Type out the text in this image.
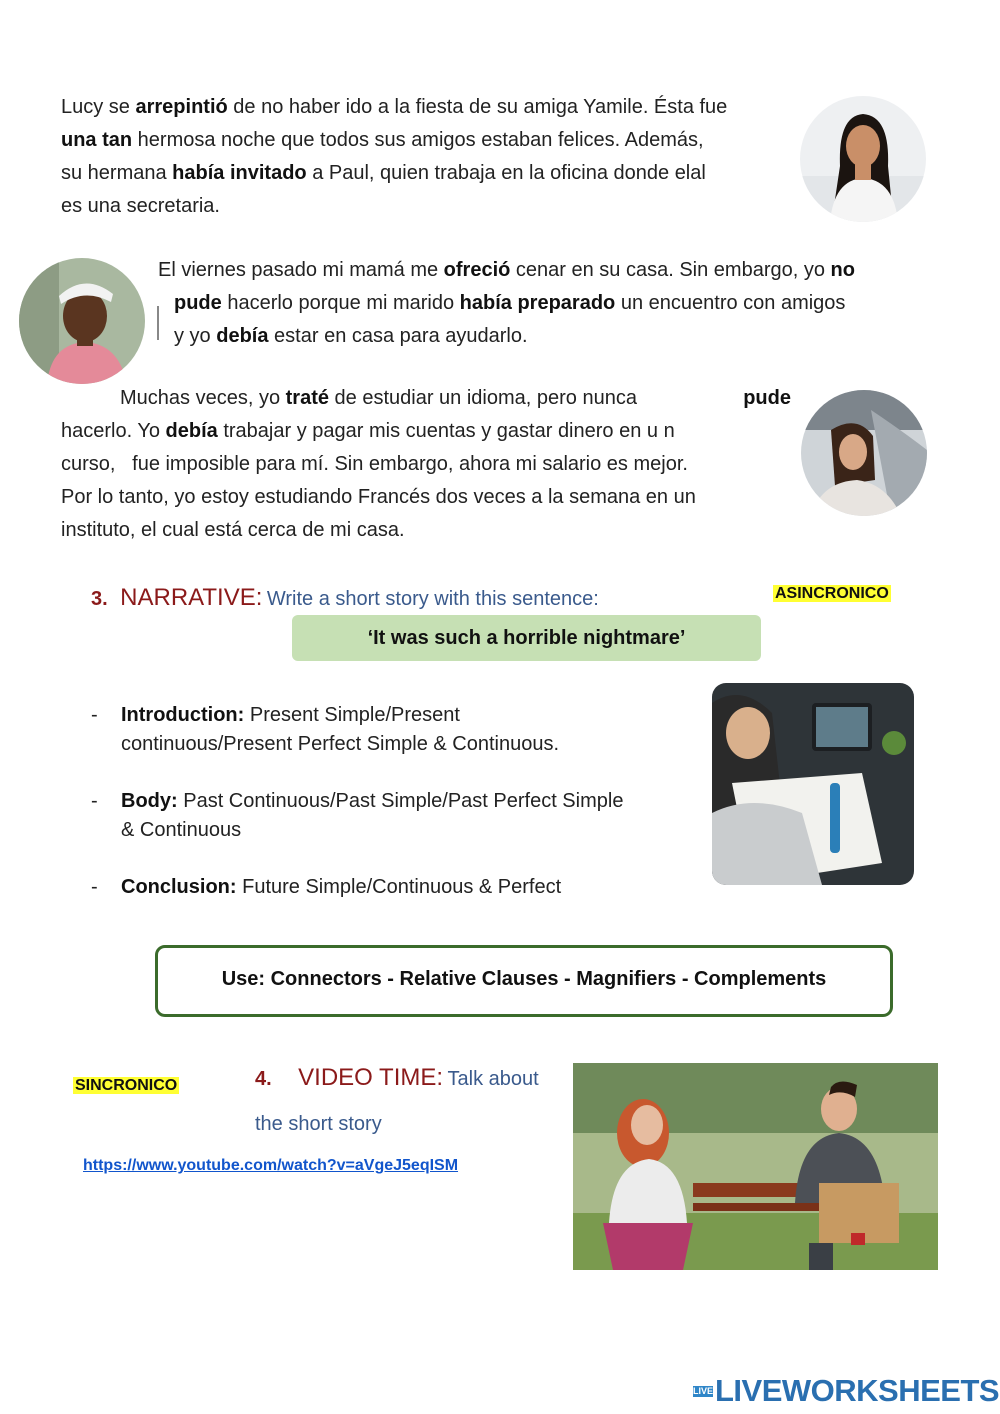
Lucy se arrepintió de no haber ido a la fiesta de su amiga Yamile. Ésta fue
una tan hermosa noche que todos sus amigos estaban felices. Además,
su hermana había invitado a Paul, quien trabaja en la oficina donde elal
es una secretaria.
El viernes pasado mi mamá me ofreció cenar en su casa. Sin embargo, yo no
pude hacerlo porque mi marido había preparado un encuentro con amigos
y yo debía estar en casa para ayudarlo.
Muchas veces, yo traté de estudiar un idioma, pero nunca	pude
hacerlo. Yo debía trabajar y pagar mis cuentas y gastar dinero en u n
curso,   fue imposible para mí. Sin embargo, ahora mi salario es mejor.
Por lo tanto, yo estoy estudiando Francés dos veces a la semana en un
instituto, el cual está cerca de mi casa.
3. NARRATIVE: Write a short story with this sentence:	ASINCRONICO
‘It was such a horrible nightmare’
-	Introduction: Present Simple/Present
continuous/Present Perfect Simple & Continuous.
-	Body: Past Continuous/Past Simple/Past Perfect Simple
& Continuous
-	Conclusion: Future Simple/Continuous & Perfect
Use: Connectors - Relative Clauses - Magnifiers - Complements
SINCRONICO	4. VIDEO TIME: Talk about
the short story
https://www.youtube.com/watch?v=aVgeJ5eqISM
LIVE LIVEWORKSHEETS
